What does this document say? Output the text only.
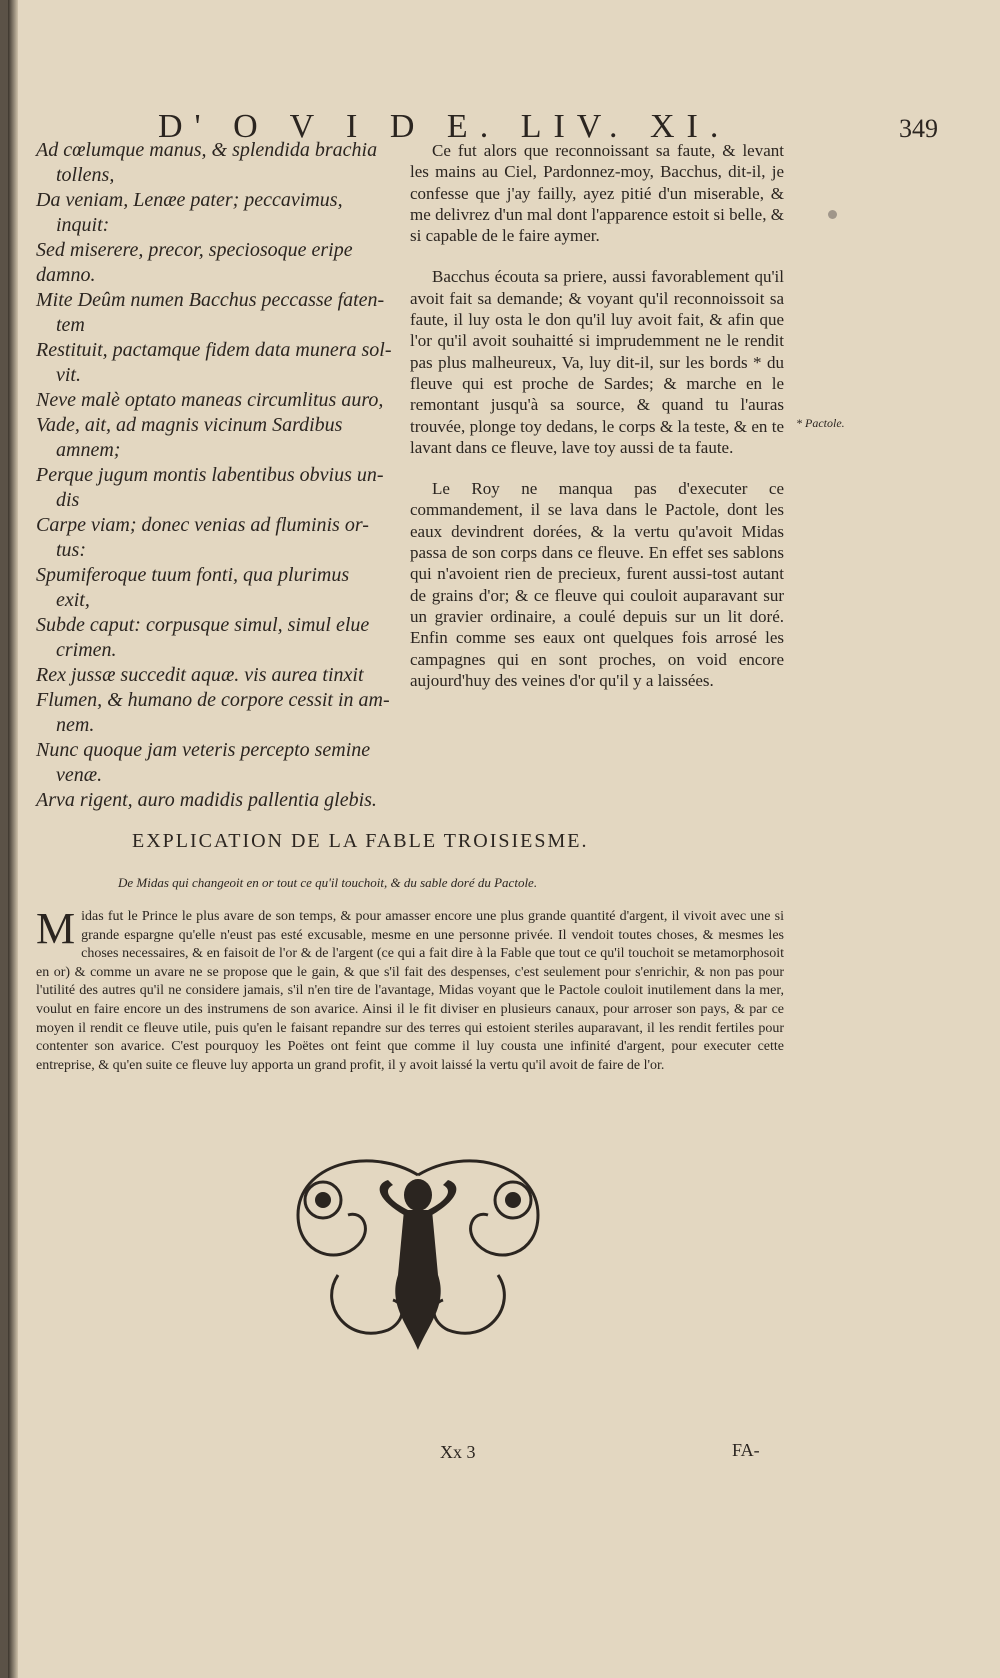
D' O V I D E. LIV. XI.	349

Ad cœlumque manus, & splendida brachia
tollens,

Da veniam, Lenæe pater; peccavimus,
inquit:

Sed miserere, precor, speciosoque eripe damno.

Mite Deûm numen Bacchus peccasse faten-
tem

Restituit, pactamque fidem data munera sol-
vit.

Neve malè optato maneas circumlitus auro,

Vade, ait, ad magnis vicinum Sardibus
amnem;

Perque jugum montis labentibus obvius un-
dis

Carpe viam; donec venias ad fluminis or-
tus:

Spumiferoque tuum fonti, qua plurimus
exit,

Subde caput: corpusque simul, simul elue
crimen.

Rex jussæ succedit aquæ. vis aurea tinxit

Flumen, & humano de corpore cessit in am-
nem.

Nunc quoque jam veteris percepto semine
venæ.

Arva rigent, auro madidis pallentia glebis.

Ce fut alors que reconnoissant sa faute, & levant les mains au Ciel, Pardonnez-moy, Bacchus, dit-il, je confesse que j'ay failly, ayez pitié d'un miserable, & me delivrez d'un mal dont l'apparence estoit si belle, & si capable de le faire aymer.

Bacchus écouta sa priere, aussi favorablement qu'il avoit fait sa demande; & voyant qu'il reconnoissoit sa faute, il luy osta le don qu'il luy avoit fait, & afin que l'or qu'il avoit souhaitté si imprudemment ne le rendit pas plus malheureux, Va, luy dit-il, sur les bords * du fleuve qui est proche de Sardes; & marche en le remontant jusqu'à sa source, & quand tu l'auras trouvée, plonge toy dedans, le corps & la teste, & en te lavant dans ce fleuve, lave toy aussi de ta faute.

Le Roy ne manqua pas d'executer ce commandement, il se lava dans le Pactole, dont les eaux devindrent dorées, & la vertu qu'avoit Midas passa de son corps dans ce fleuve. En effet ses sablons qui n'avoient rien de precieux, furent aussi-tost autant de grains d'or; & ce fleuve qui couloit auparavant sur un gravier ordinaire, a coulé depuis sur un lit doré. Enfin comme ses eaux ont quelques fois arrosé les campagnes qui en sont proches, on void encore aujourd'huy des veines d'or qu'il y a laissées.

* Pactole.
EXPLICATION DE LA FABLE TROISIESME.
De Midas qui changeoit en or tout ce qu'il touchoit, & du sable doré du Pactole.
M idas fut le Prince le plus avare de son temps, & pour amasser encore une plus grande quantité d'argent, il vivoit avec une si grande espargne qu'elle n'eust pas esté excusable, mesme en une personne privée. Il vendoit toutes choses, & mesmes les choses necessaires, & en faisoit de l'or & de l'argent (ce qui a fait dire à la Fable que tout ce qu'il touchoit se metamorphosoit en or) & comme un avare ne se propose que le gain, & que s'il fait des despenses, c'est seulement pour s'enrichir, & non pas pour l'utilité des autres qu'il ne considere jamais, s'il n'en tire de l'avantage, Midas voyant que le Pactole couloit inutilement dans la mer, voulut en faire encore un des instrumens de son avarice. Ainsi il le fit diviser en plusieurs canaux, pour arroser son pays, & par ce moyen il rendit ce fleuve utile, puis qu'en le faisant repandre sur des terres qui estoient steriles auparavant, il les rendit fertiles pour contenter son avarice. C'est pourquoy les Poëtes ont feint que comme il luy cousta une infinité d'argent, pour executer cette entreprise, & qu'en suite ce fleuve luy apporta un grand profit, il y avoit laissé la vertu qu'il avoit de faire de l'or.
Xx 3	FA-
